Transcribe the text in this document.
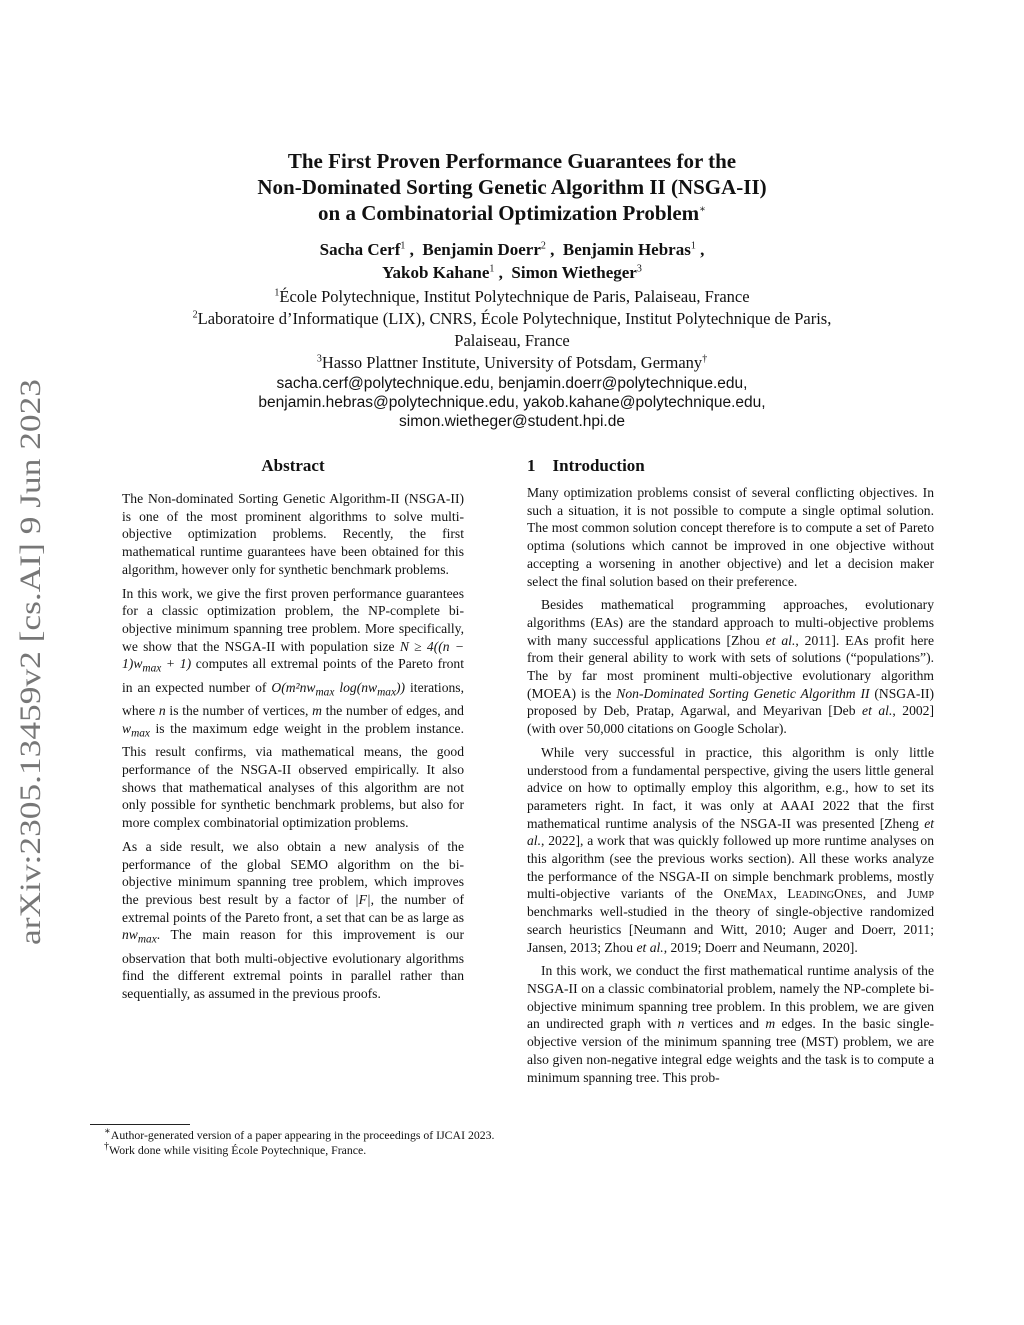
arXiv:2305.13459v2 [cs.AI] 9 Jun 2023
The First Proven Performance Guarantees for the
Non-Dominated Sorting Genetic Algorithm II (NSGA-II)
on a Combinatorial Optimization Problem∗
Sacha Cerf$^1$ ,  Benjamin Doerr$^2$ ,  Benjamin Hebras$^1$ ,
Yakob Kahane$^1$ ,  Simon Wietheger$^3$
$^1$École Polytechnique, Institut Polytechnique de Paris, Palaiseau, France
$^2$Laboratoire d’Informatique (LIX), CNRS, École Polytechnique, Institut Polytechnique de Paris,
Palaiseau, France
$^3$Hasso Plattner Institute, University of Potsdam, Germany†
sacha.cerf@polytechnique.edu, benjamin.doerr@polytechnique.edu,
benjamin.hebras@polytechnique.edu, yakob.kahane@polytechnique.edu,
simon.wietheger@student.hpi.de
Abstract

The Non-dominated Sorting Genetic Algorithm-II (NSGA-II) is one of the most prominent algorithms to solve multi-objective optimization problems. Recently, the first mathematical runtime guarantees have been obtained for this algorithm, however only for synthetic benchmark problems.

In this work, we give the first proven performance guarantees for a classic optimization problem, the NP-complete bi-objective minimum spanning tree problem. More specifically, we show that the NSGA-II with population size $N \ge 4((n - 1)w_{max} + 1)$ computes all extremal points of the Pareto front in an expected number of $O(m^2nw_{max}$ $\log(nw_{max})$) iterations, where n is the number of vertices, m the number of edges, and $w_{max}$ is the maximum edge weight in the problem instance. This result confirms, via mathematical means, the good performance of the NSGA-II observed empirically. It also shows that mathematical analyses of this algorithm are not only possible for synthetic benchmark problems, but also for more complex combinatorial optimization problems.

As a side result, we also obtain a new analysis of the performance of the global SEMO algorithm on the bi-objective minimum spanning tree problem, which improves the previous best result by a factor of |F|, the number of extremal points of the Pareto front, a set that can be as large as $nw_{max}$. The main reason for this improvement is our observation that both multi-objective evolutionary algorithms find the different extremal points in parallel rather than sequentially, as assumed in the previous proofs.

∗Author-generated version of a paper appearing in the proceedings of IJCAI 2023.
†Work done while visiting École Poytechnique, France.
1 Introduction

Many optimization problems consist of several conflicting objectives. In such a situation, it is not possible to compute a single optimal solution. The most common solution concept therefore is to compute a set of Pareto optima (solutions which cannot be improved in one objective without accepting a worsening in another objective) and let a decision maker select the final solution based on their preference.

Besides mathematical programming approaches, evolutionary algorithms (EAs) are the standard approach to multi-objective problems with many successful applications [Zhou et al., 2011]. EAs profit here from their general ability to work with sets of solutions (“populations”). The by far most prominent multi-objective evolutionary algorithm (MOEA) is the Non-Dominated Sorting Genetic Algorithm II (NSGA-II) proposed by Deb, Pratap, Agarwal, and Meyarivan [Deb et al., 2002] (with over 50,000 citations on Google Scholar).

While very successful in practice, this algorithm is only little understood from a fundamental perspective, giving the users little general advice on how to optimally employ this algorithm, e.g., how to set its parameters right. In fact, it was only at AAAI 2022 that the first mathematical runtime analysis of the NSGA-II was presented [Zheng et al., 2022], a work that was quickly followed up more runtime analyses on this algorithm (see the previous works section). All these works analyze the performance of the NSGA-II on simple benchmark problems, mostly multi-objective variants of the OneMax, LeadingOnes, and Jump benchmarks well-studied in the theory of single-objective randomized search heuristics [Neumann and Witt, 2010; Auger and Doerr, 2011; Jansen, 2013; Zhou et al., 2019; Doerr and Neumann, 2020].

In this work, we conduct the first mathematical runtime analysis of the NSGA-II on a classic combinatorial problem, namely the NP-complete bi-objective minimum spanning tree problem. In this problem, we are given an undirected graph with n vertices and m edges. In the basic single-objective version of the minimum spanning tree (MST) problem, we are also given non-negative integral edge weights and the task is to compute a minimum spanning tree. This prob-
